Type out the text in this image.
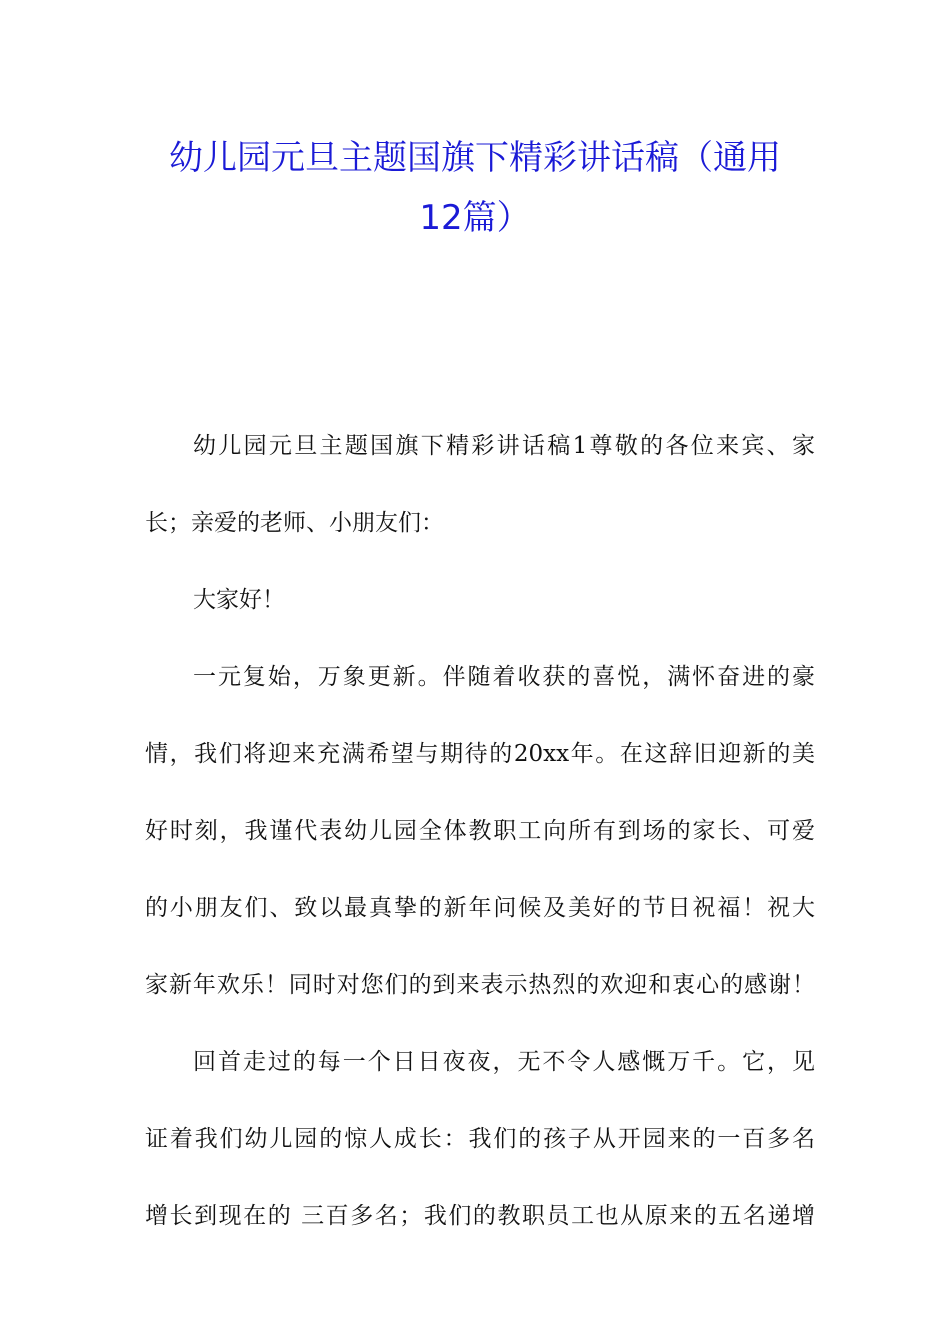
幼儿园元旦主题国旗下精彩讲话稿（通用
12篇）
幼儿园元旦主题国旗下精彩讲话稿1尊敬的各位来宾、家
长；亲爱的老师、小朋友们：
大家好！
一元复始，万象更新。伴随着收获的喜悦，满怀奋进的豪
情，我们将迎来充满希望与期待的20xx年。在这辞旧迎新的美
好时刻，我谨代表幼儿园全体教职工向所有到场的家长、可爱
的小朋友们、致以最真挚的新年问候及美好的节日祝福！祝大
家新年欢乐！同时对您们的到来表示热烈的欢迎和衷心的感谢！
回首走过的每一个日日夜夜，无不令人感慨万千。它，见
证着我们幼儿园的惊人成长：我们的孩子从开园来的一百多名
增长到现在的 三百多名；我们的教职员工也从原来的五名递增
